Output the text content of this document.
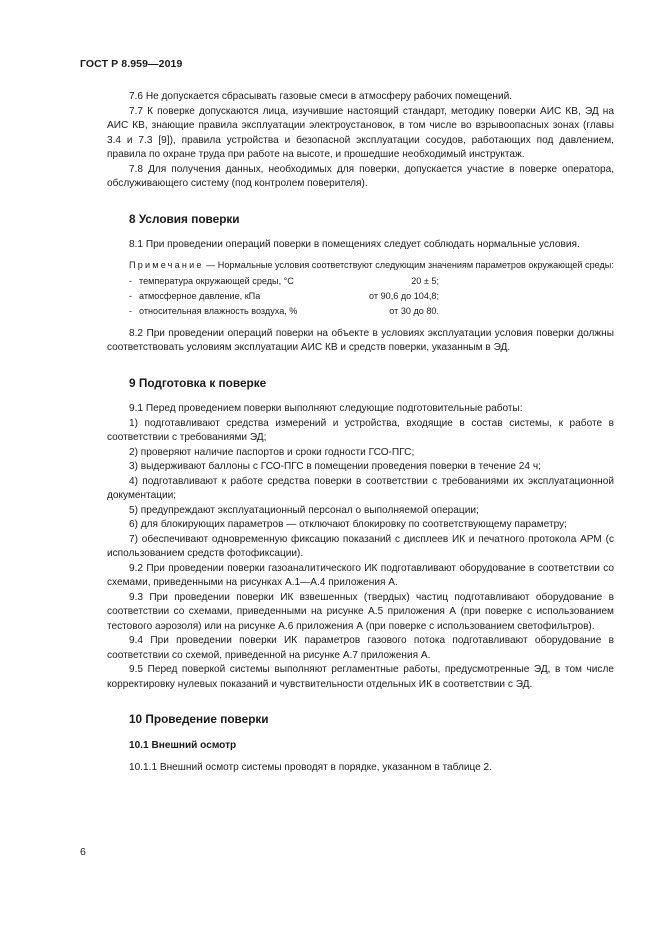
ГОСТ Р 8.959—2019

7.6 Не допускается сбрасывать газовые смеси в атмосферу рабочих помещений.

7.7 К поверке допускаются лица, изучившие настоящий стандарт, методику поверки АИС КВ, ЭД на АИС КВ, знающие правила эксплуатации электроустановок, в том числе во взрывоопасных зонах (главы 3.4 и 7.3 [9]), правила устройства и безопасной эксплуатации сосудов, работающих под давлением, правила по охране труда при работе на высоте, и прошедшие необходимый инструктаж.

7.8 Для получения данных, необходимых для поверки, допускается участие в поверке оператора, обслуживающего систему (под контролем поверителя).

8 Условия поверки

8.1 При проведении операций поверки в помещениях следует соблюдать нормальные условия.

Примечание — Нормальные условия соответствуют следующим значениям параметров окружающей среды:

- температура окружающей среды, °С	20 ± 5;
- атмосферное давление, кПа	от 90,6 до 104,8;
- относительная влажность воздуха, %	от 30 до 80.

8.2 При проведении операций поверки на объекте в условиях эксплуатации условия поверки должны соответствовать условиям эксплуатации АИС КВ и средств поверки, указанным в ЭД.

9 Подготовка к поверке

9.1 Перед проведением поверки выполняют следующие подготовительные работы:

1) подготавливают средства измерений и устройства, входящие в состав системы, к работе в соответствии с требованиями ЭД;

2) проверяют наличие паспортов и сроки годности ГСО-ПГС;

3) выдерживают баллоны с ГСО-ПГС в помещении проведения поверки в течение 24 ч;

4) подготавливают к работе средства поверки в соответствии с требованиями их эксплуатационной документации;

5) предупреждают эксплуатационный персонал о выполняемой операции;

6) для блокирующих параметров — отключают блокировку по соответствующему параметру;

7) обеспечивают одновременную фиксацию показаний с дисплеев ИК и печатного протокола АРМ (с использованием средств фотофиксации).

9.2 При проведении поверки газоаналитического ИК подготавливают оборудование в соответствии со схемами, приведенными на рисунках А.1—А.4 приложения А.

9.3 При проведении поверки ИК взвешенных (твердых) частиц подготавливают оборудование в соответствии со схемами, приведенными на рисунке А.5 приложения А (при поверке с использованием тестового аэрозоля) или на рисунке А.6 приложения А (при поверке с использованием светофильтров).

9.4 При проведении поверки ИК параметров газового потока подготавливают оборудование в соответствии со схемой, приведенной на рисунке А.7 приложения А.

9.5 Перед поверкой системы выполняют регламентные работы, предусмотренные ЭД, в том числе корректировку нулевых показаний и чувствительности отдельных ИК в соответствии с ЭД.

10 Проведение поверки
10.1 Внешний осмотр

10.1.1 Внешний осмотр системы проводят в порядке, указанном в таблице 2.

6
